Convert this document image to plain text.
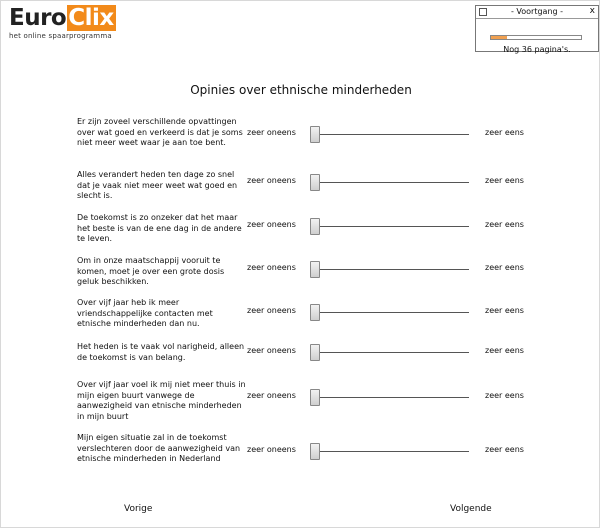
EuroClix
het online spaarprogramma
- Voortgang -	x
Nog 36 pagina's.
Opinies over ethnische minderheden
Er zijn zoveel verschillende opvattingen over wat goed en verkeerd is dat je soms niet meer weet waar je aan toe bent.
zeer oneens	zeer eens
Alles verandert heden ten dage zo snel dat je vaak niet meer weet wat goed en slecht is.
zeer oneens	zeer eens
De toekomst is zo onzeker dat het maar het beste is van de ene dag in de andere te leven.
zeer oneens	zeer eens
Om in onze maatschappij vooruit te komen, moet je over een grote dosis geluk beschikken.
zeer oneens	zeer eens
Over vijf jaar heb ik meer vriendschappelijke contacten met etnische minderheden dan nu.
zeer oneens	zeer eens
Het heden is te vaak vol narigheid, alleen de toekomst is van belang.
zeer oneens	zeer eens
Over vijf jaar voel ik mij niet meer thuis in mijn eigen buurt vanwege de aanwezigheid van etnische minderheden in mijn buurt
zeer oneens	zeer eens
Mijn eigen situatie zal in de toekomst verslechteren door de aanwezigheid van etnische minderheden in Nederland
zeer oneens	zeer eens
Vorige	Volgende
